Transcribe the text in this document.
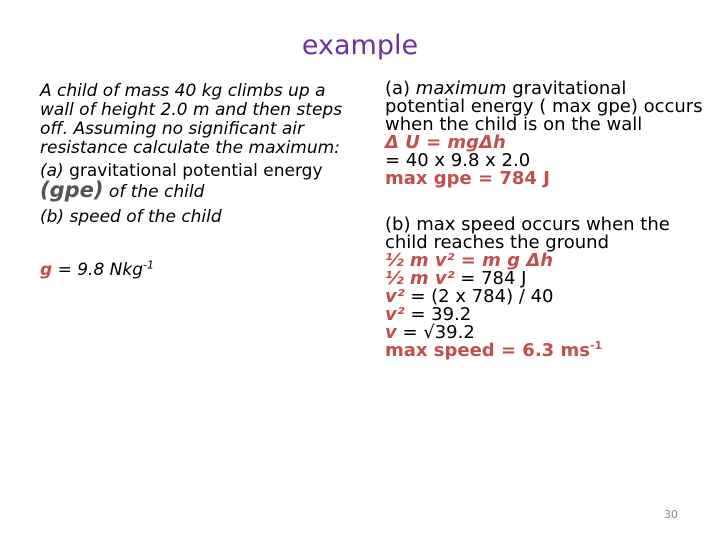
example

A child of mass 40 kg climbs up a wall of height 2.0 m and then steps off. Assuming no significant air resistance calculate the maximum:

(a) gravitational potential energy (gpe) of the child

(b) speed of the child

g = 9.8 Nkg$^{-1}$

(a) maximum gravitational potential energy ( max gpe) occurs when the child is on the wall

Δ U = mgΔh

= 40 x 9.8 x 2.0

max gpe = 784 J

(b) max speed occurs when the child reaches the ground

½ m v² = m g Δh

½ m v² = 784 J

v² = (2 x 784) / 40

v² = 39.2

v = √39.2

max speed = 6.3 $ms^{-1}$

30
